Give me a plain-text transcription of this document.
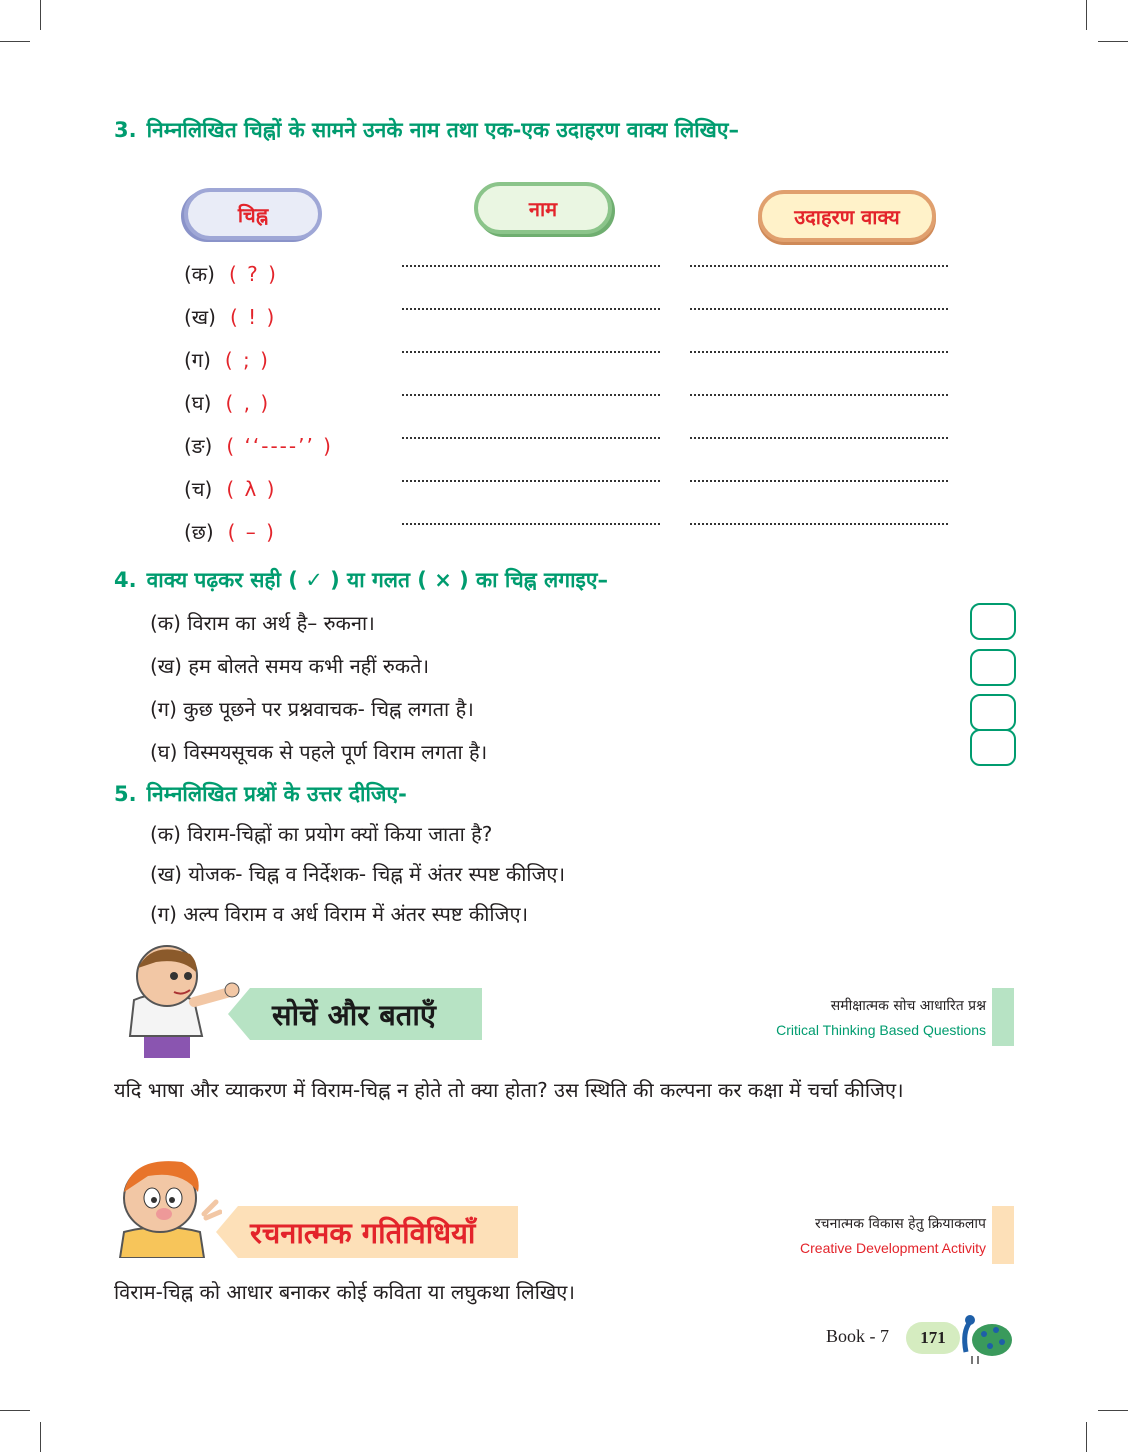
3. निम्नलिखित चिह्नों के सामने उनके नाम तथा एक-एक उदाहरण वाक्य लिखिए–
चिह्न	नाम	उदाहरण वाक्य
(क) ( ? )
(ख) ( ! )
(ग) ( ; )
(घ) ( , )
(ङ) ( ‘‘----’’ )
(च) ( λ )
(छ) ( – )
4. वाक्य पढ़कर सही ( ✓ ) या गलत ( × ) का चिह्न लगाइए–
(क) विराम का अर्थ है– रुकना।
(ख) हम बोलते समय कभी नहीं रुकते।
(ग) कुछ पूछने पर प्रश्नवाचक- चिह्न लगता है।
(घ) विस्मयसूचक से पहले पूर्ण विराम लगता है।
5. निम्नलिखित प्रश्नों के उत्तर दीजिए-
(क) विराम-चिह्नों का प्रयोग क्यों किया जाता है?
(ख) योजक- चिह्न व निर्देशक- चिह्न में अंतर स्पष्ट कीजिए।
(ग) अल्प विराम व अर्ध विराम में अंतर स्पष्ट कीजिए।
सोचें और बताएँ	समीक्षात्मक सोच आधारित प्रश्न
Critical Thinking Based Questions
यदि भाषा और व्याकरण में विराम-चिह्न न होते तो क्या होता? उस स्थिति की कल्पना कर कक्षा में चर्चा कीजिए।
रचनात्मक गतिविधियाँ	रचनात्मक विकास हेतु क्रियाकलाप
Creative Development Activity
विराम-चिह्न को आधार बनाकर कोई कविता या लघुकथा लिखिए।
Book - 7 171
